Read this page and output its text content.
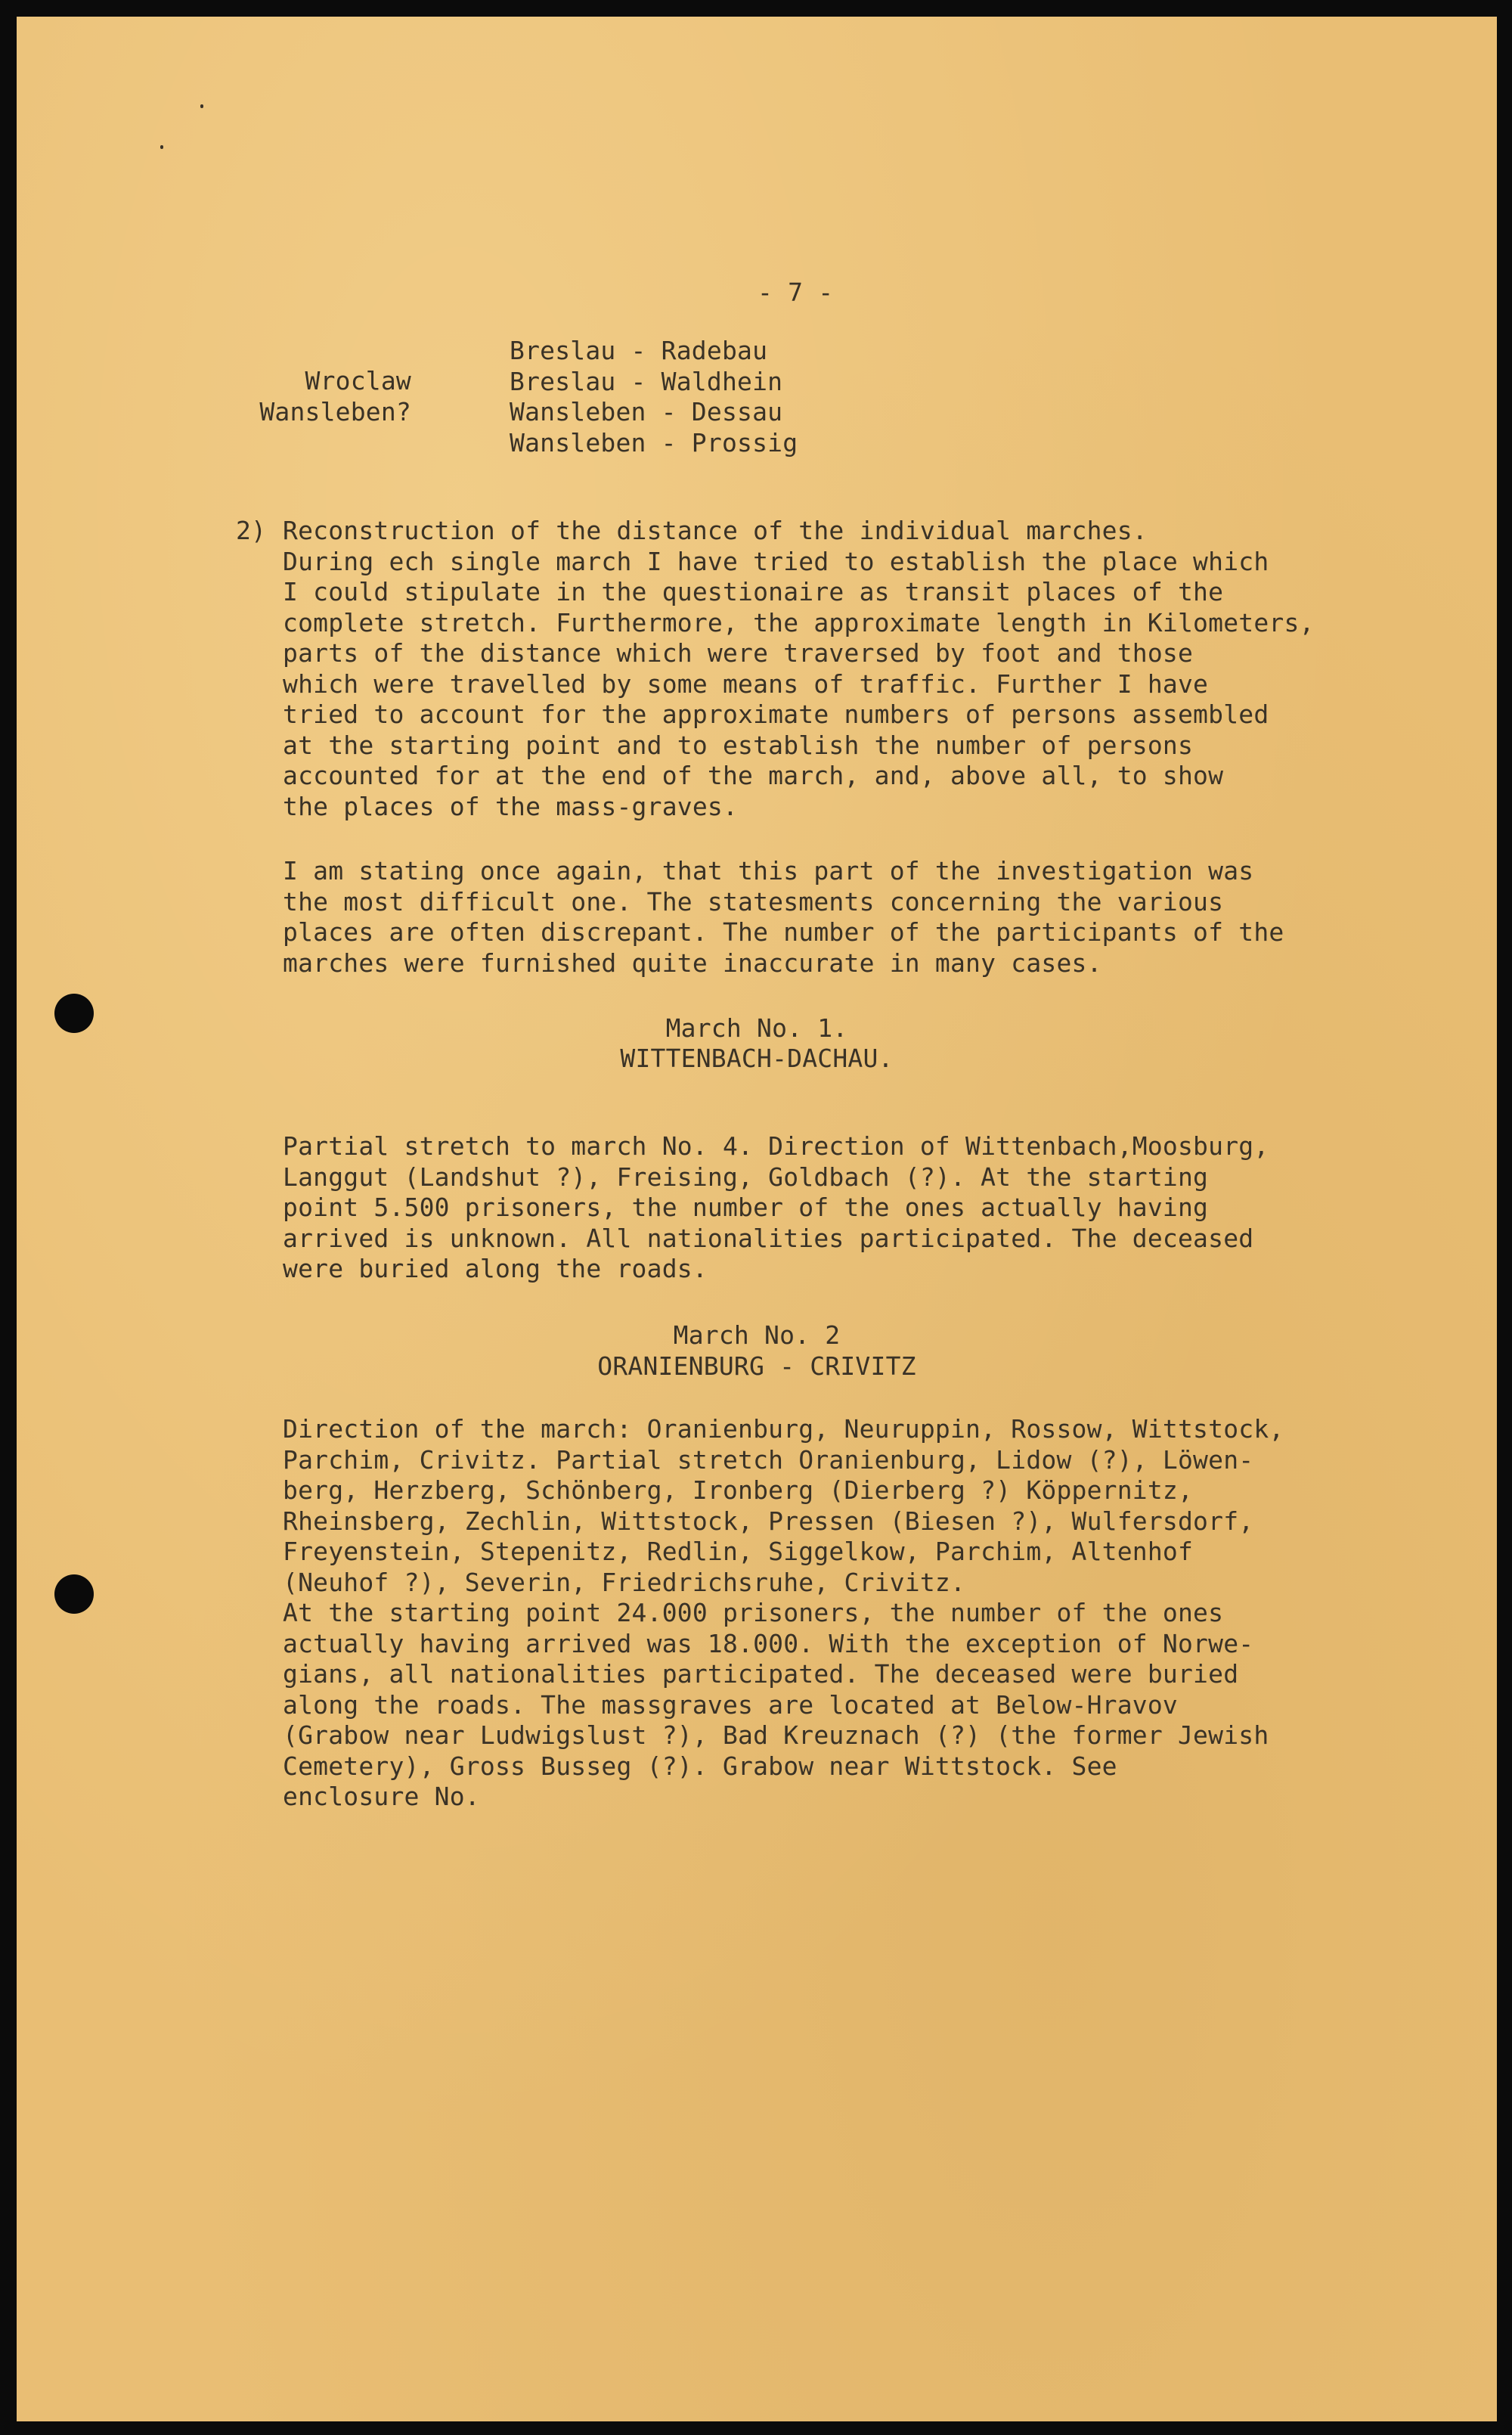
- 7 -

Wroclaw
Wansleben?
Breslau - Radebau
Breslau - Waldhein
Wansleben - Dessau
Wansleben - Prossig

2) Reconstruction of the distance of the individual marches.
During ech single march I have tried to establish the place which
I could stipulate in the questionaire as transit places of the
complete stretch. Furthermore, the approximate length in Kilometers,
parts of the distance which were traversed by foot and those
which were travelled by some means of traffic. Further I have
tried to account for the approximate numbers of persons assembled
at the starting point and to establish the number of persons
accounted for at the end of the march, and, above all, to show
the places of the mass-graves.

I am stating once again, that this part of the investigation was
the most difficult one. The statesments concerning the various
places are often discrepant. The number of the participants of the
marches were furnished quite inaccurate in many cases.

March No. 1.

WITTENBACH-DACHAU.

Partial stretch to march No. 4. Direction of Wittenbach,Moosburg,
Langgut (Landshut ?), Freising, Goldbach (?). At the starting
point 5.500 prisoners, the number of the ones actually having
arrived is unknown. All nationalities participated. The deceased
were buried along the roads.

March No. 2

ORANIENBURG - CRIVITZ

Direction of the march: Oranienburg, Neuruppin, Rossow, Wittstock,
Parchim, Crivitz. Partial stretch Oranienburg, Lidow (?), Löwen-
berg, Herzberg, Schönberg, Ironberg (Dierberg ?) Köppernitz,
Rheinsberg, Zechlin, Wittstock, Pressen (Biesen ?), Wulfersdorf,
Freyenstein, Stepenitz, Redlin, Siggelkow, Parchim, Altenhof
(Neuhof ?), Severin, Friedrichsruhe, Crivitz.
At the starting point 24.000 prisoners, the number of the ones
actually having arrived was 18.000. With the exception of Norwe-
gians, all nationalities participated. The deceased were buried
along the roads. The massgraves are located at Below-Hravov
(Grabow near Ludwigslust ?), Bad Kreuznach (?) (the former Jewish
Cemetery), Gross Busseg (?). Grabow near Wittstock. See
enclosure No.
